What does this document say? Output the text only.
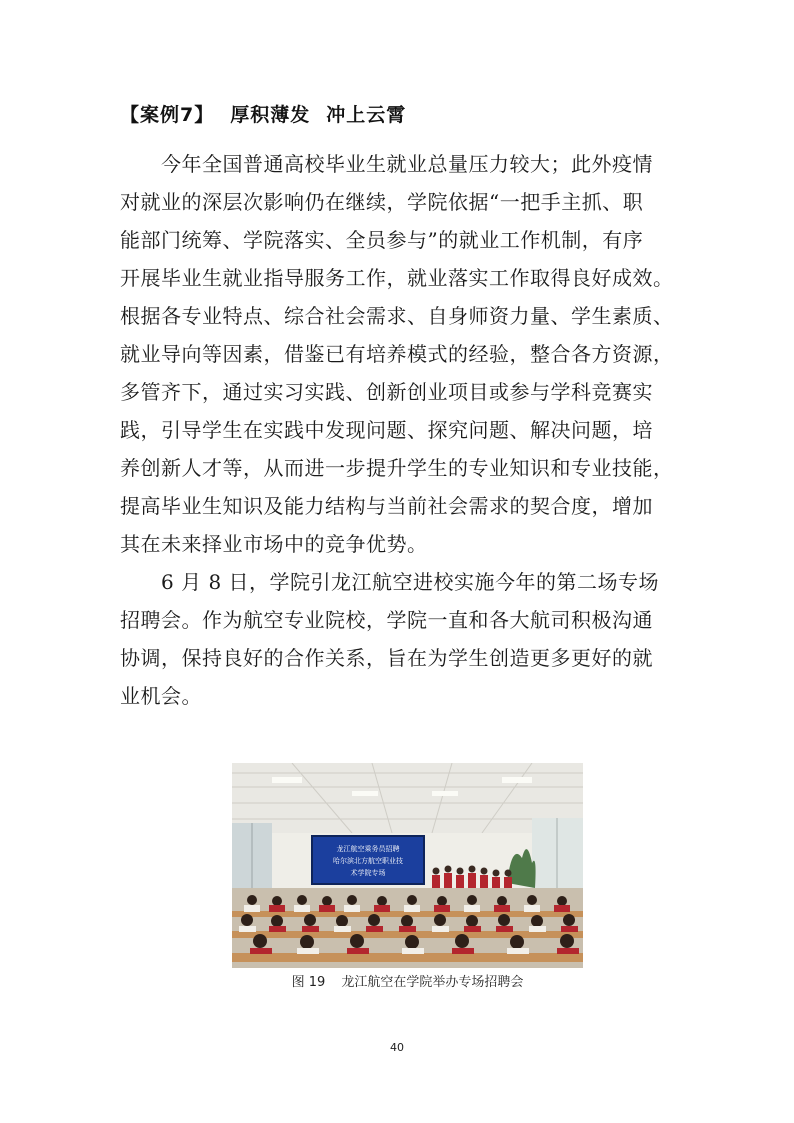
【案例7】 厚积薄发 冲上云霄
　　今年全国普通高校毕业生就业总量压力较大；此外疫情
对就业的深层次影响仍在继续，学院依据“一把手主抓、职
能部门统筹、学院落实、全员参与”的就业工作机制，有序
开展毕业生就业指导服务工作，就业落实工作取得良好成效。
根据各专业特点、综合社会需求、自身师资力量、学生素质、
就业导向等因素，借鉴已有培养模式的经验，整合各方资源，
多管齐下，通过实习实践、创新创业项目或参与学科竞赛实
践，引导学生在实践中发现问题、探究问题、解决问题，培
养创新人才等，从而进一步提升学生的专业知识和专业技能，
提高毕业生知识及能力结构与当前社会需求的契合度，增加
其在未来择业市场中的竞争优势。
　　6 月 8 日，学院引龙江航空进校实施今年的第二场专场
招聘会。作为航空专业院校，学院一直和各大航司积极沟通
协调，保持良好的合作关系，旨在为学生创造更多更好的就
业机会。
龙江航空乘务员招聘
哈尔滨北方航空职业技
术学院专场
图 19 龙江航空在学院举办专场招聘会
40
